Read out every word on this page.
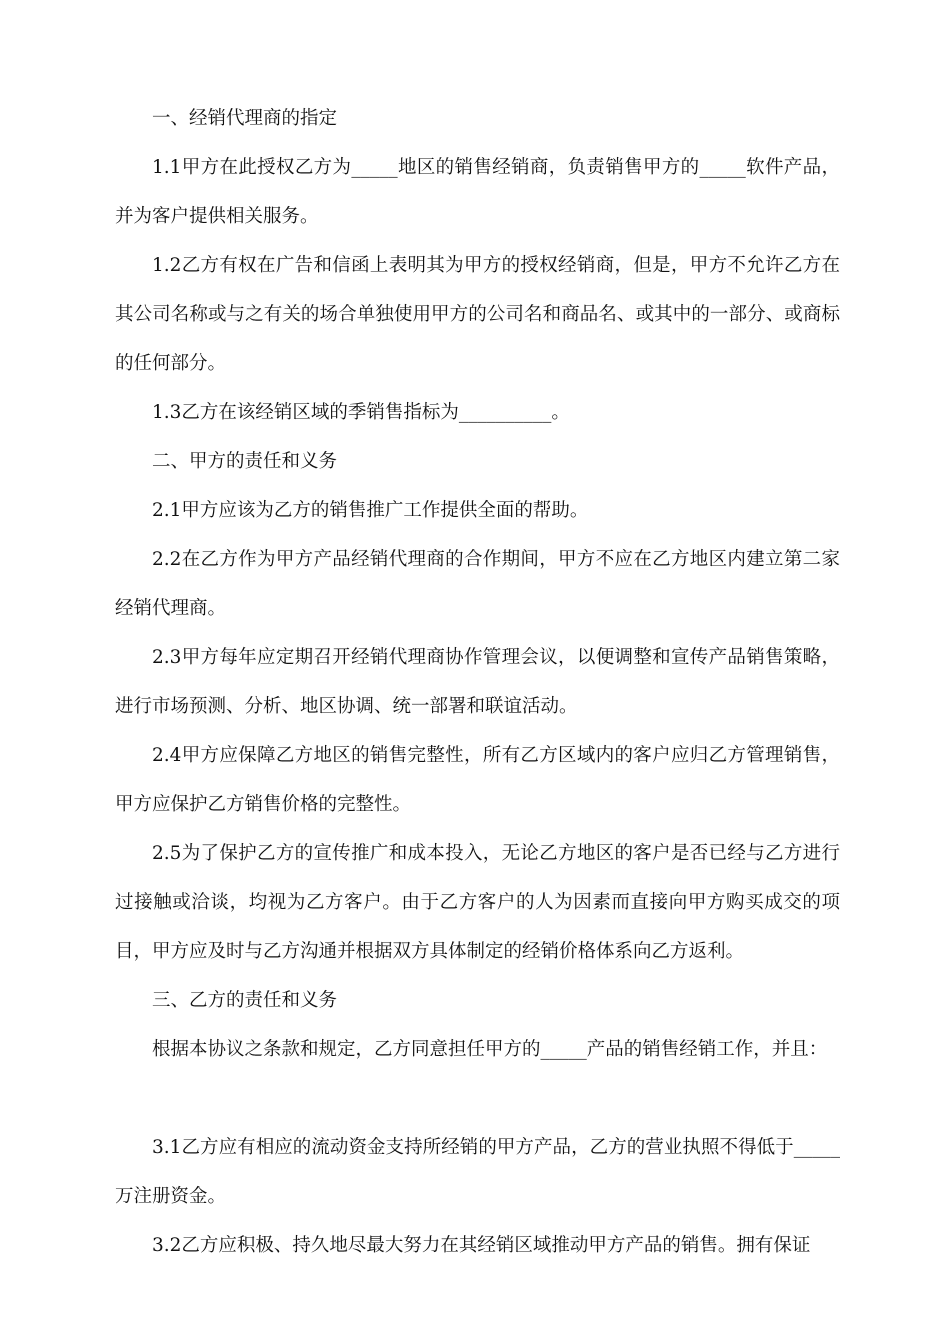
一、经销代理商的指定

1.1甲方在此授权乙方为_____地区的销售经销商，负责销售甲方的_____软件产品，并为客户提供相关服务。

1.2乙方有权在广告和信函上表明其为甲方的授权经销商，但是，甲方不允许乙方在其公司名称或与之有关的场合单独使用甲方的公司名和商品名、或其中的一部分、或商标的任何部分。

1.3乙方在该经销区域的季销售指标为__________。

二、甲方的责任和义务

2.1甲方应该为乙方的销售推广工作提供全面的帮助。

2.2在乙方作为甲方产品经销代理商的合作期间，甲方不应在乙方地区内建立第二家经销代理商。

2.3甲方每年应定期召开经销代理商协作管理会议，以便调整和宣传产品销售策略，进行市场预测、分析、地区协调、统一部署和联谊活动。

2.4甲方应保障乙方地区的销售完整性，所有乙方区域内的客户应归乙方管理销售，甲方应保护乙方销售价格的完整性。

2.5为了保护乙方的宣传推广和成本投入，无论乙方地区的客户是否已经与乙方进行过接触或洽谈，均视为乙方客户。由于乙方客户的人为因素而直接向甲方购买成交的项目，甲方应及时与乙方沟通并根据双方具体制定的经销价格体系向乙方返利。

三、乙方的责任和义务

根据本协议之条款和规定，乙方同意担任甲方的_____产品的销售经销工作，并且：

3.1乙方应有相应的流动资金支持所经销的甲方产品，乙方的营业执照不得低于_____万注册资金。

3.2乙方应积极、持久地尽最大努力在其经销区域推动甲方产品的销售。拥有保证
